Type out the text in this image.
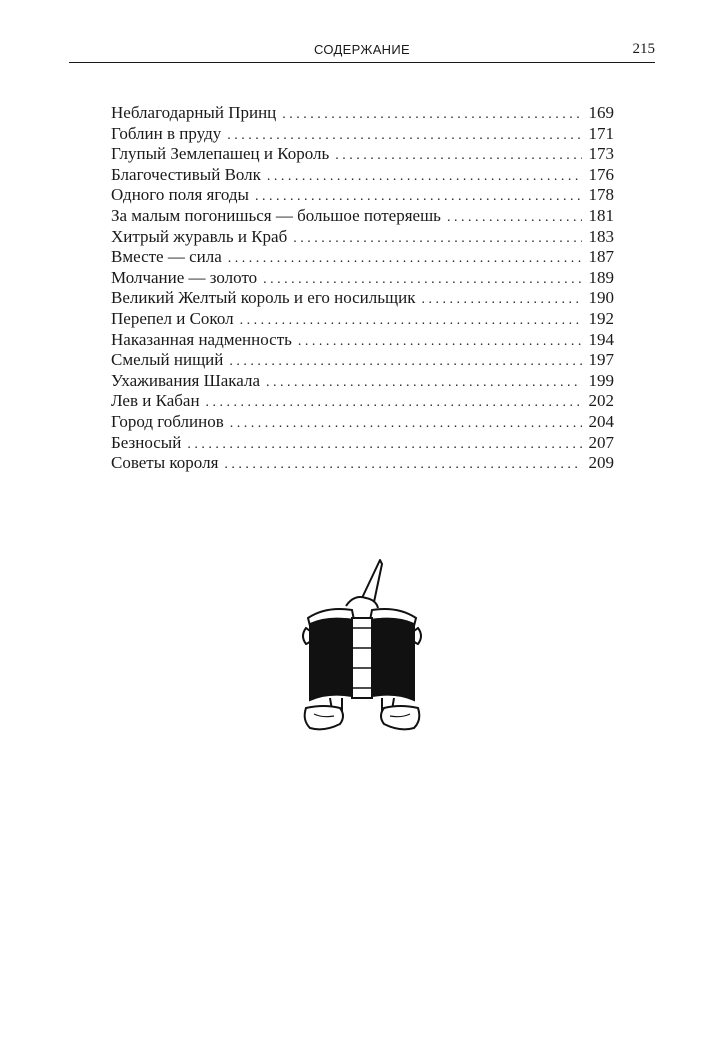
СОДЕРЖАНИЕ	215
Неблагодарный Принц . . .	169
Гоблин в пруду . . .	171
Глупый Землепашец и Король . . .	173
Благочестивый Волк . . .	176
Одного поля ягоды . . .	178
За малым погонишься — большое потеряешь . . .	181
Хитрый журавль и Краб . . .	183
Вместе — сила . . .	187
Молчание — золото . . .	189
Великий Желтый король и его носильщик . . .	190
Перепел и Сокол . . .	192
Наказанная надменность . . .	194
Смелый нищий . . .	197
Ухаживания Шакала . . .	199
Лев и Кабан . . .	202
Город гоблинов . . .	204
Безносый . . .	207
Советы короля . . .	209
